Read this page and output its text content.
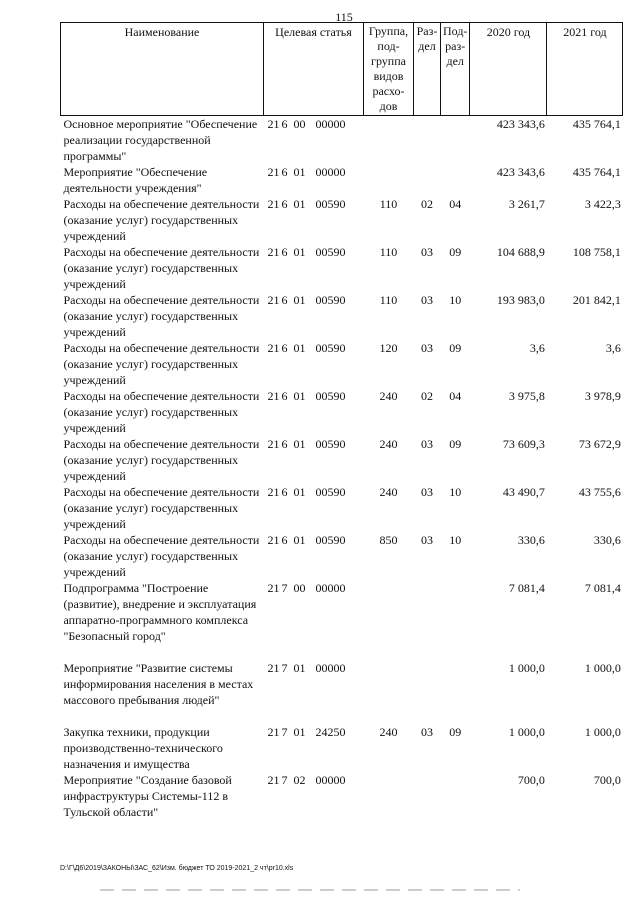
115
Наименование	Целевая статья	Группа, под-группа видов расхо-дов	Раз-дел	Под-раз-дел	2020 год	2021 год
Основное мероприятие "Обеспечение реализации государственной программы"	21 6 00 00000				423 343,6	435 764,1
Мероприятие "Обеспечение деятельности учреждения"	21 6 01 00000				423 343,6	435 764,1
Расходы на обеспечение деятельности (оказание услуг) государственных учреждений	21 6 01 00590	110	02	04	3 261,7	3 422,3
Расходы на обеспечение деятельности (оказание услуг) государственных учреждений	21 6 01 00590	110	03	09	104 688,9	108 758,1
Расходы на обеспечение деятельности (оказание услуг) государственных учреждений	21 6 01 00590	110	03	10	193 983,0	201 842,1
Расходы на обеспечение деятельности (оказание услуг) государственных учреждений	21 6 01 00590	120	03	09	3,6	3,6
Расходы на обеспечение деятельности (оказание услуг) государственных учреждений	21 6 01 00590	240	02	04	3 975,8	3 978,9
Расходы на обеспечение деятельности (оказание услуг) государственных учреждений	21 6 01 00590	240	03	09	73 609,3	73 672,9
Расходы на обеспечение деятельности (оказание услуг) государственных учреждений	21 6 01 00590	240	03	10	43 490,7	43 755,6
Расходы на обеспечение деятельности (оказание услуг) государственных учреждений	21 6 01 00590	850	03	10	330,6	330,6
Подпрограмма "Построение (развитие), внедрение и эксплуатация аппаратно-программного комплекса "Безопасный город"	21 7 00 00000				7 081,4	7 081,4
Мероприятие "Развитие системы информирования населения в местах массового пребывания людей"	21 7 01 00000				1 000,0	1 000,0
Закупка техники, продукции производственно-технического назначения и имущества	21 7 01 24250	240	03	09	1 000,0	1 000,0
Мероприятие "Создание базовой инфраструктуры Системы-112 в Тульской области"	21 7 02 00000				700,0	700,0
D:\Г\Д6\2019\ЗАКОНЫ\ЗАС_62\Изм. бюджет ТО 2019-2021_2 чт\pr10.xls
